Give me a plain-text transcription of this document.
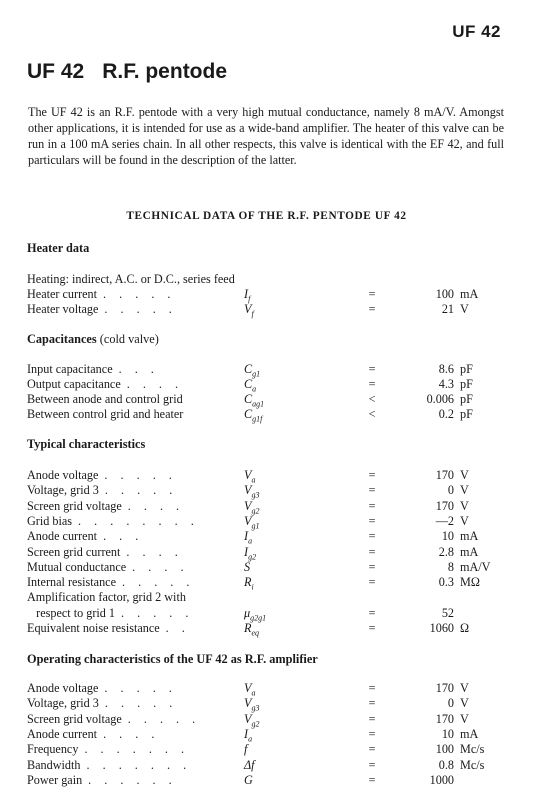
UF 42
UF 42 R.F. pentode
The UF 42 is an R.F. pentode with a very high mutual conductance, namely 8 mA/V. Amongst other applications, it is intended for use as a wide-band amplifier. The heater of this valve can be run in a 100 mA series chain. In all other respects, this valve is identical with the EF 42, and full particulars will be found in the description of the latter.
TECHNICAL DATA OF THE R.F. PENTODE UF 42
Heater data
Heating: indirect, A.C. or D.C., series feed
Heater current . . . . .	$I_f$	=	100 mA
Heater voltage . . . . .	$V_f$	=	21 V
Capacitances (cold valve)
Input capacitance . . .	$C_{g1}$	=	8.6 pF
Output capacitance . . . .	$C_a$	=	4.3 pF
Between anode and control grid	$C_{ag1}$	<	0.006 pF
Between control grid and heater	$C_{g1f}$	<	0.2 pF
Typical characteristics
Anode voltage . . . . .	$V_a$	=	170 V
Voltage, grid 3 . . . . .	$V_{g3}$	=	0 V
Screen grid voltage . . . .	$V_{g2}$	=	170 V
Grid bias . . . . . . . .	$V_{g1}$	=	—2 V
Anode current . . .	$I_a$	=	10 mA
Screen grid current . . . .	$I_{g2}$	=	2.8 mA
Mutual conductance . . . .	S	=	8 mA/V
Internal resistance . . . . .	$R_i$	=	0.3 MΩ
Amplification factor, grid 2 with
respect to grid 1 . . . . .	$\mu_{g2g1}$	=	52
Equivalent noise resistance . .	$R_{eq}$	=	1060 Ω
Operating characteristics of the UF 42 as R.F. amplifier
Anode voltage . . . . .	$V_a$	=	170 V
Voltage, grid 3 . . . . .	$V_{g3}$	=	0 V
Screen grid voltage . . . . .	$V_{g2}$	=	170 V
Anode current . . . .	$I_a$	=	10 mA
Frequency . . . . . . .	f	=	100 Mc/s
Bandwidth . . . . . . .	Δf	=	0.8 Mc/s
Power gain . . . . . .	G	=	1000
